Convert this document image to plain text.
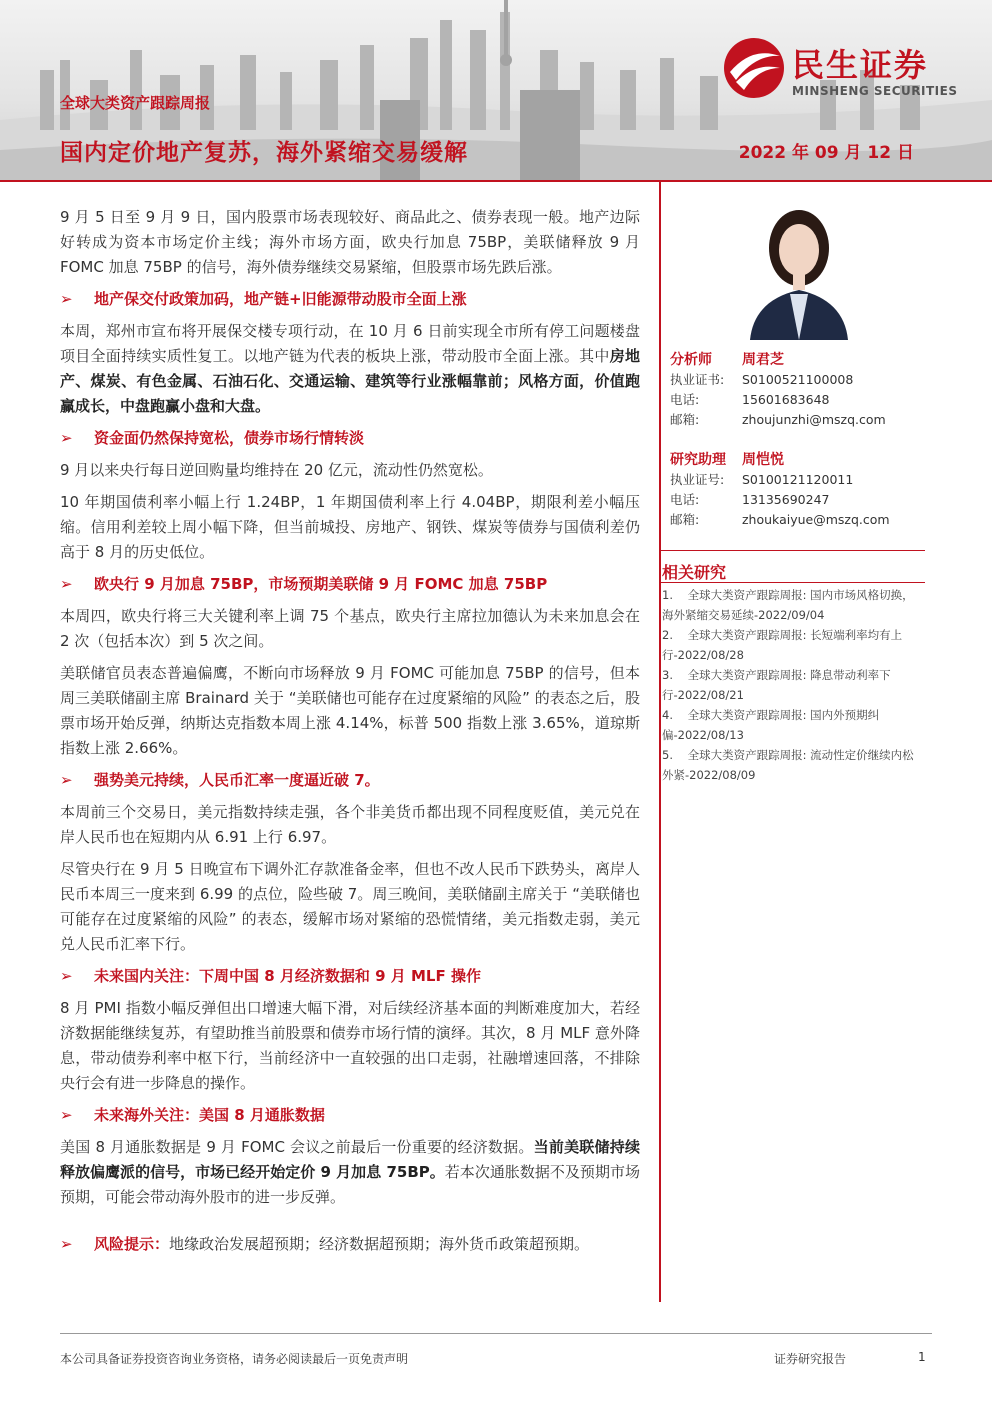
全球大类资产跟踪周报
国内定价地产复苏，海外紧缩交易缓解	2022 年 09 月 12 日
民生证券
MINSHENG SECURITIES

9 月 5 日至 9 月 9 日，国内股票市场表现较好、商品此之、债券表现一般。地产边际好转成为资本市场定价主线；海外市场方面，欧央行加息 75BP，美联储释放 9 月 FOMC 加息 75BP 的信号，海外债券继续交易紧缩，但股票市场先跌后涨。

➢ 地产保交付政策加码，地产链+旧能源带动股市全面上涨

本周，郑州市宣布将开展保交楼专项行动，在 10 月 6 日前实现全市所有停工问题楼盘项目全面持续实质性复工。以地产链为代表的板块上涨，带动股市全面上涨。其中房地产、煤炭、有色金属、石油石化、交通运输、建筑等行业涨幅靠前；风格方面，价值跑赢成长，中盘跑赢小盘和大盘。

➢ 资金面仍然保持宽松，债券市场行情转淡

9 月以来央行每日逆回购量均维持在 20 亿元，流动性仍然宽松。

10 年期国债利率小幅上行 1.24BP，1 年期国债利率上行 4.04BP，期限利差小幅压缩。信用利差较上周小幅下降，但当前城投、房地产、钢铁、煤炭等债券与国债利差仍高于 8 月的历史低位。

➢ 欧央行 9 月加息 75BP，市场预期美联储 9 月 FOMC 加息 75BP

本周四，欧央行将三大关键利率上调 75 个基点，欧央行主席拉加德认为未来加息会在 2 次（包括本次）到 5 次之间。

美联储官员表态普遍偏鹰，不断向市场释放 9 月 FOMC 可能加息 75BP 的信号，但本周三美联储副主席 Brainard 关于 “美联储也可能存在过度紧缩的风险” 的表态之后，股票市场开始反弹，纳斯达克指数本周上涨 4.14%，标普 500 指数上涨 3.65%，道琼斯指数上涨 2.66%。

➢ 强势美元持续，人民币汇率一度逼近破 7。

本周前三个交易日，美元指数持续走强，各个非美货币都出现不同程度贬值，美元兑在岸人民币也在短期内从 6.91 上行 6.97。

尽管央行在 9 月 5 日晚宣布下调外汇存款准备金率，但也不改人民币下跌势头，离岸人民币本周三一度来到 6.99 的点位，险些破 7。周三晚间，美联储副主席关于 “美联储也可能存在过度紧缩的风险” 的表态，缓解市场对紧缩的恐慌情绪，美元指数走弱，美元兑人民币汇率下行。

➢ 未来国内关注：下周中国 8 月经济数据和 9 月 MLF 操作

8 月 PMI 指数小幅反弹但出口增速大幅下滑，对后续经济基本面的判断难度加大，若经济数据能继续复苏，有望助推当前股票和债券市场行情的演绎。其次，8 月 MLF 意外降息，带动债券利率中枢下行，当前经济中一直较强的出口走弱，社融增速回落，不排除央行会有进一步降息的操作。

➢ 未来海外关注：美国 8 月通胀数据

美国 8 月通胀数据是 9 月 FOMC 会议之前最后一份重要的经济数据。当前美联储持续释放偏鹰派的信号，市场已经开始定价 9 月加息 75BP。若本次通胀数据不及预期市场预期，可能会带动海外股市的进一步反弹。

➢ 风险提示：地缘政治发展超预期；经济数据超预期；海外货币政策超预期。
分析师	周君芝
执业证书:	S0100521100008
电话:	15601683648
邮箱:	zhoujunzhi@mszq.com
研究助理	周恺悦
执业证号:	S0100121120011
电话:	13135690247
邮箱:	zhoukaiyue@mszq.com
相关研究

1.    全球大类资产跟踪周报: 国内市场风格切换，海外紧缩交易延续-2022/09/04

2.    全球大类资产跟踪周报: 长短端利率均有上行-2022/08/28

3.    全球大类资产跟踪周报: 降息带动利率下行-2022/08/21

4.    全球大类资产跟踪周报: 国内外预期纠偏-2022/08/13

5.    全球大类资产跟踪周报: 流动性定价继续内松外紧-2022/08/09

本公司具备证券投资咨询业务资格，请务必阅读最后一页免责声明	证券研究报告	1
